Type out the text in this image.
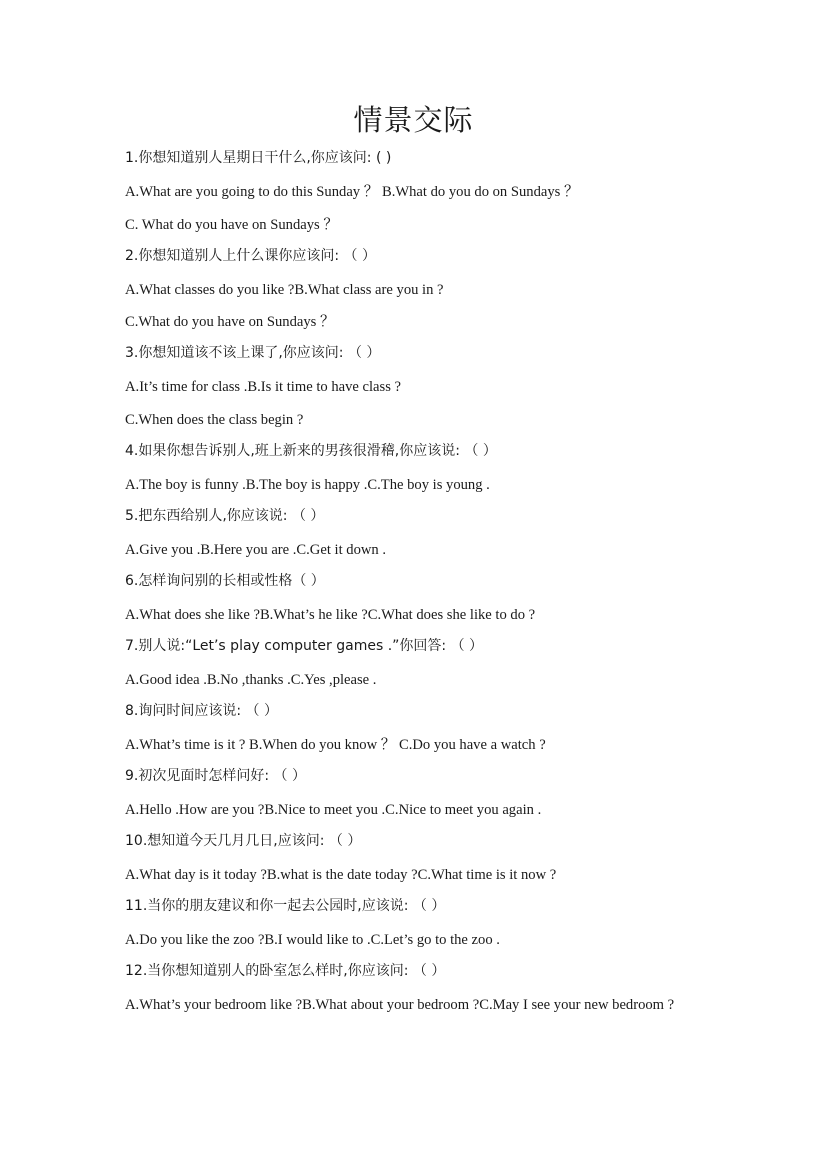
情景交际
1.你想知道别人星期日干什么,你应该问: ( )
A.What are you going to do this Sunday ？ B.What do you do on Sundays ？
C. What do you have on Sundays ？
2.你想知道别人上什么课你应该问: （ ）
A.What classes do you like ?B.What class are you in ?
C.What do you have on Sundays ？
3.你想知道该不该上课了,你应该问: （ ）
A.It’s time for class .B.Is it time to have class ?
C.When does the class begin ?
4.如果你想告诉别人,班上新来的男孩很滑稽,你应该说: （ ）
A.The boy is funny .B.The boy is happy .C.The boy is young .
5.把东西给别人,你应该说: （ ）
A.Give you .B.Here you are .C.Get it down .
6.怎样询问别的长相或性格（ ）
A.What does she like ?B.What’s he like ?C.What does she like to do ?
7.别人说:“Let’s play computer games .”你回答: （ ）
A.Good idea .B.No ,thanks .C.Yes ,please .
8.询问时间应该说: （ ）
A.What’s time is it ? B.When do you know ？ C.Do you have a watch ?
9.初次见面时怎样问好: （ ）
A.Hello .How are you ?B.Nice to meet you .C.Nice to meet you again .
10.想知道今天几月几日,应该问: （ ）
A.What day is it today ?B.what is the date today ?C.What time is it now ?
11.当你的朋友建议和你一起去公园时,应该说: （ ）
A.Do you like the zoo ?B.I would like to .C.Let’s go to the zoo .
12.当你想知道别人的卧室怎么样时,你应该问: （ ）
A.What’s your bedroom like ?B.What about your bedroom ?C.May I see your new bedroom ?
